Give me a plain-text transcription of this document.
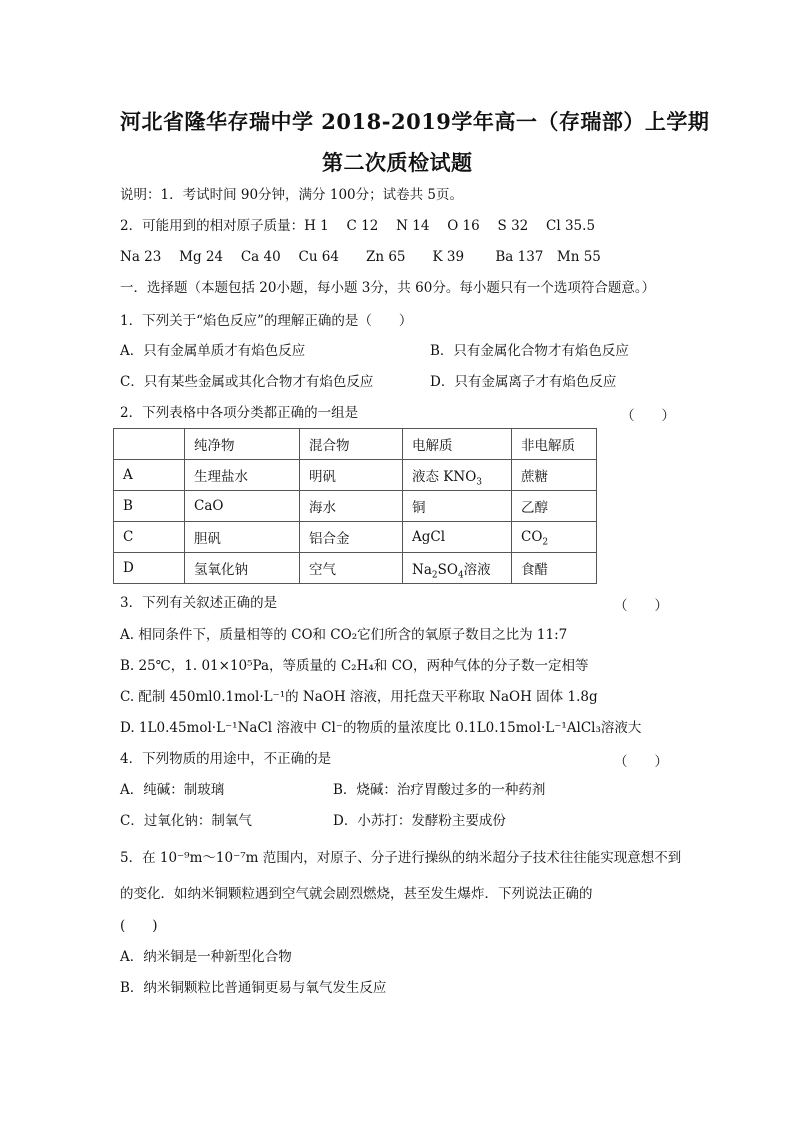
河北省隆华存瑞中学 2018-2019学年高一（存瑞部）上学期
第二次质检试题
说明：1．考试时间 90分钟，满分 100分；试卷共 5页。
2．可能用到的相对原子质量：H 1　 C 12　 N 14　 O 16　 S 32　 Cl 35.5
Na 23　 Mg 24　 Ca 40　 Cu 64　　Zn 65　　K 39　　 Ba 137　Mn 55
一．选择题（本题包括 20小题，每小题 3分，共 60分。每小题只有一个选项符合题意。）
1．下列关于“焰色反应”的理解正确的是（　　）
A．只有金属单质才有焰色反应	B．只有金属化合物才有焰色反应
C．只有某些金属或其化合物才有焰色反应	D．只有金属离子才有焰色反应
2．下列表格中各项分类都正确的一组是	（　　）
	纯净物	混合物	电解质	非电解质
A	生理盐水	明矾	液态 $KNO_3$	蔗糖
B	CaO	海水	铜	乙醇
C	胆矾	铝合金	AgCl	$CO_2$
D	氢氧化钠	空气	$Na_2SO_4$溶液	食醋
3．下列有关叙述正确的是	（　　）
A. 相同条件下，质量相等的 CO和 CO₂它们所含的氧原子数目之比为 11:7
B. 25℃，1. 01×10⁵Pa，等质量的 C₂H₄和 CO，两种气体的分子数一定相等
C. 配制 450ml0.1mol·L⁻¹的 NaOH 溶液，用托盘天平称取 NaOH 固体 1.8g
D. 1L0.45mol·L⁻¹NaCl 溶液中 Cl⁻的物质的量浓度比 0.1L0.15mol·L⁻¹AlCl₃溶液大
4．下列物质的用途中，不正确的是	（　　）
A．纯碱：制玻璃	B．烧碱：治疗胃酸过多的一种药剂
C．过氧化钠：制氧气	D．小苏打：发酵粉主要成份
5．在 10⁻⁹m～10⁻⁷m 范围内，对原子、分子进行操纵的纳米超分子技术往往能实现意想不到
的变化．如纳米铜颗粒遇到空气就会剧烈燃烧，甚至发生爆炸．下列说法正确的
(　　)
A．纳米铜是一种新型化合物
B．纳米铜颗粒比普通铜更易与氧气发生反应
